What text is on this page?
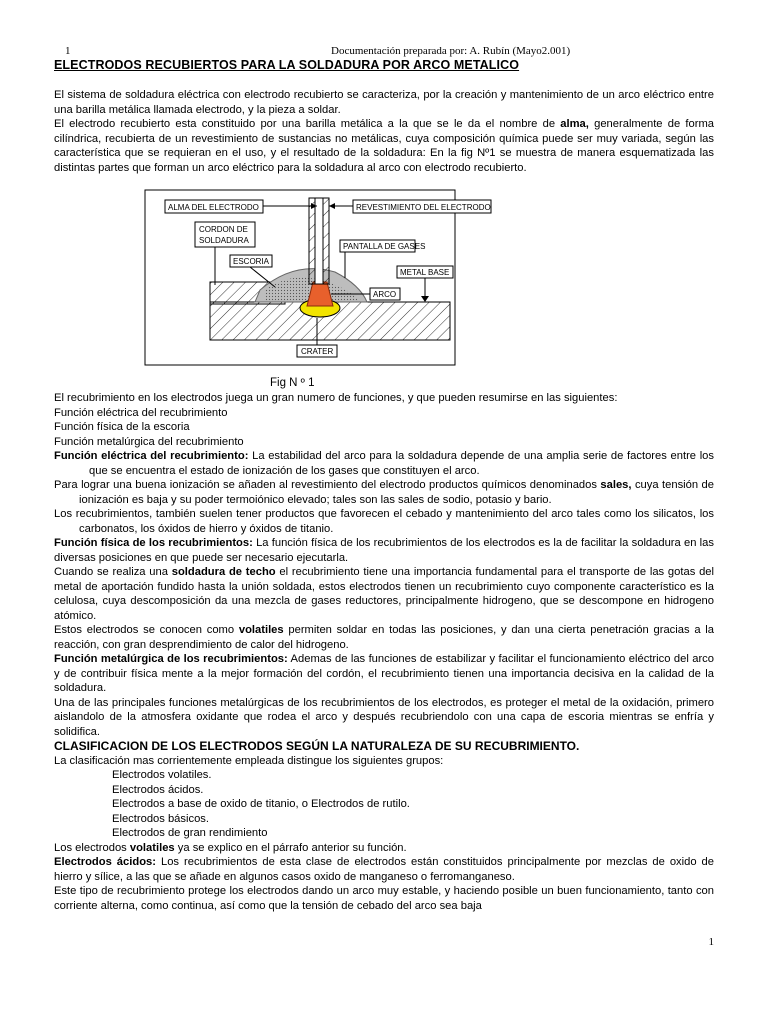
1	Documentación preparada por: A. Rubín (Mayo2.001)
ELECTRODOS RECUBIERTOS PARA LA SOLDADURA POR ARCO METALICO

El sistema de soldadura eléctrica con electrodo recubierto se caracteriza, por la creación y mantenimiento de un arco eléctrico entre una barilla metálica llamada electrodo, y la pieza a soldar.

El electrodo recubierto esta constituido por una barilla metálica a la que se le da el nombre de alma, generalmente de forma cilíndrica, recubierta de un revestimiento de sustancias no metálicas, cuya composición química puede ser muy variada, según las característica que se requieran en el uso, y el resultado de la soldadura: En la fig Nº1 se muestra de manera esquematizada las distintas partes que forman un arco eléctrico para la soldadura al arco con electrodo recubierto.

ALMA DEL ELECTRODO	REVESTIMIENTO DEL ELECTRODO
CORDON DE
SOLDADURA
PANTALLA DE GASES
ESCORIA
METAL BASE
ARCO
CRATER
Fig N º 1

El recubrimiento en los electrodos juega un gran numero de funciones, y que pueden resumirse en las siguientes:

Función eléctrica del recubrimiento

Función física de la escoria

Función metalúrgica del recubrimiento

Función eléctrica del recubrimiento: La estabilidad del arco para la soldadura depende de una amplia serie de factores entre los que se encuentra el estado de ionización de los gases que constituyen el arco.

Para lograr una buena ionización se añaden al revestimiento del electrodo productos químicos denominados sales, cuya tensión de ionización es baja y su poder termoiónico elevado; tales son las sales de sodio, potasio y bario.

Los recubrimientos, también suelen tener productos que favorecen el cebado y mantenimiento del arco tales como los silicatos, los carbonatos, los óxidos de hierro y óxidos de titanio.

Función física de los recubrimientos: La función física de los recubrimientos de los electrodos es la de facilitar la soldadura en las diversas posiciones en que puede ser necesario ejecutarla.

Cuando se realiza una soldadura de techo el recubrimiento tiene una importancia fundamental para el transporte de las gotas del metal de aportación fundido hasta la unión soldada, estos electrodos tienen un recubrimiento cuyo componente característico es la celulosa, cuya descomposición da una mezcla de gases reductores, principalmente hidrogeno, que se descompone en hidrogeno atómico.

Estos electrodos se conocen como volatiles permiten soldar en todas las posiciones, y dan una cierta penetración gracias a la reacción, con gran desprendimiento de calor del hidrogeno.

Función metalúrgica de los recubrimientos: Ademas de las funciones de estabilizar y facilitar el funcionamiento eléctrico del arco y de contribuir física mente a la mejor formación del cordón, el recubrimiento tienen una importancia decisiva en la calidad de la soldadura.

Una de las principales funciones metalúrgicas de los recubrimientos de los electrodos, es proteger el metal de la oxidación, primero aislandolo de la atmosfera oxidante que rodea el arco y después recubriendolo con una capa de escoria mientras se enfría y solidifica.

CLASIFICACION DE LOS ELECTRODOS SEGÚN LA NATURALEZA DE SU RECUBRIMIENTO.

La clasificación mas corrientemente empleada distingue los siguientes grupos:

Electrodos volatiles.

Electrodos ácidos.

Electrodos a base de oxido de titanio, o Electrodos de rutilo.

Electrodos básicos.

Electrodos de gran rendimiento

Los electrodos volatiles ya se explico en el párrafo anterior su función.

Electrodos ácidos: Los recubrimientos de esta clase de electrodos están constituidos principalmente por mezclas de oxido de hierro y sílice, a las que se añade en algunos casos oxido de manganeso o ferromanganeso.

Este tipo de recubrimiento protege los electrodos dando un arco muy estable, y haciendo posible un buen funcionamiento, tanto con corriente alterna, como continua, así como que la tensión de cebado del arco sea baja

1
